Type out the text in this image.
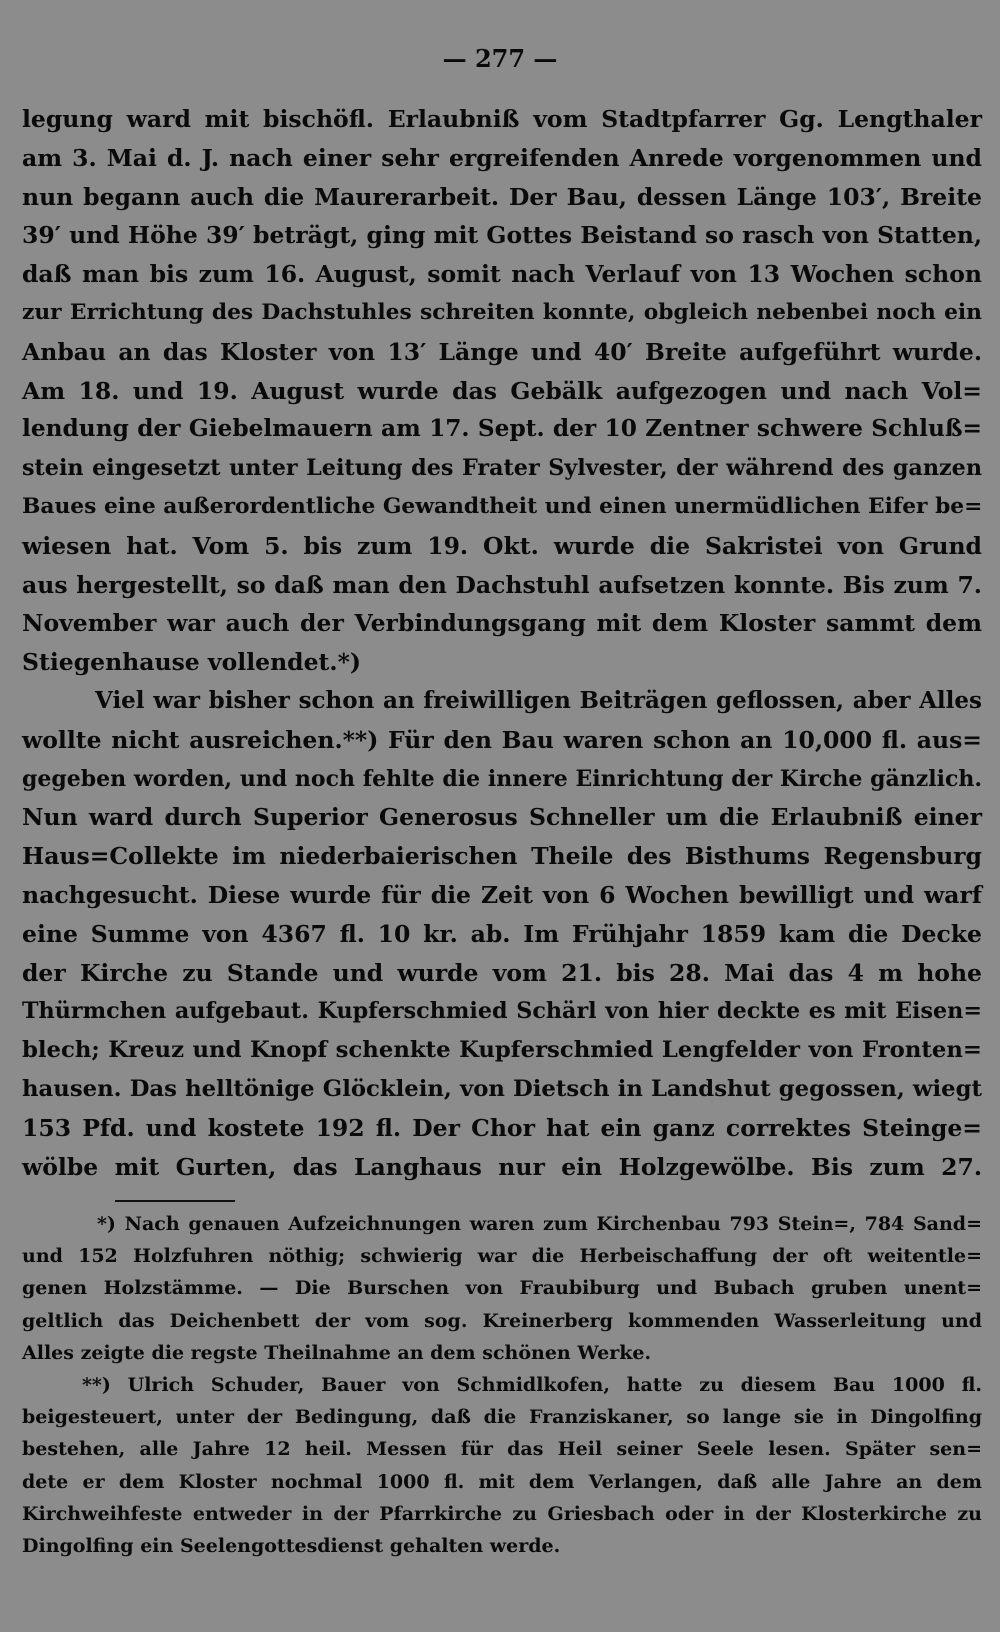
— 277 —
legung ward mit bischöfl. Erlaubniß vom Stadtpfarrer Gg. Lengthaler
am 3. Mai d. J. nach einer sehr ergreifenden Anrede vorgenommen und
nun begann auch die Maurerarbeit. Der Bau, dessen Länge 103′, Breite
39′ und Höhe 39′ beträgt, ging mit Gottes Beistand so rasch von Statten,
daß man bis zum 16. August, somit nach Verlauf von 13 Wochen schon
zur Errichtung des Dachstuhles schreiten konnte, obgleich nebenbei noch ein
Anbau an das Kloster von 13′ Länge und 40′ Breite aufgeführt wurde.
Am 18. und 19. August wurde das Gebälk aufgezogen und nach Vol=
lendung der Giebelmauern am 17. Sept. der 10 Zentner schwere Schluß=
stein eingesetzt unter Leitung des Frater Sylvester, der während des ganzen
Baues eine außerordentliche Gewandtheit und einen unermüdlichen Eifer be=
wiesen hat. Vom 5. bis zum 19. Okt. wurde die Sakristei von Grund
aus hergestellt, so daß man den Dachstuhl aufsetzen konnte. Bis zum 7.
November war auch der Verbindungsgang mit dem Kloster sammt dem
Stiegenhause vollendet.*)
Viel war bisher schon an freiwilligen Beiträgen geflossen, aber Alles
wollte nicht ausreichen.**) Für den Bau waren schon an 10,000 fl. aus=
gegeben worden, und noch fehlte die innere Einrichtung der Kirche gänzlich.
Nun ward durch Superior Generosus Schneller um die Erlaubniß einer
Haus=Collekte im niederbaierischen Theile des Bisthums Regensburg
nachgesucht. Diese wurde für die Zeit von 6 Wochen bewilligt und warf
eine Summe von 4367 fl. 10 kr. ab. Im Frühjahr 1859 kam die Decke
der Kirche zu Stande und wurde vom 21. bis 28. Mai das 4 m hohe
Thürmchen aufgebaut. Kupferschmied Schärl von hier deckte es mit Eisen=
blech; Kreuz und Knopf schenkte Kupferschmied Lengfelder von Fronten=
hausen. Das helltönige Glöcklein, von Dietsch in Landshut gegossen, wiegt
153 Pfd. und kostete 192 fl. Der Chor hat ein ganz correktes Steinge=
wölbe mit Gurten, das Langhaus nur ein Holzgewölbe. Bis zum 27.
*) Nach genauen Aufzeichnungen waren zum Kirchenbau 793 Stein=, 784 Sand=
und 152 Holzfuhren nöthig; schwierig war die Herbeischaffung der oft weitentle=
genen Holzstämme. — Die Burschen von Fraubiburg und Bubach gruben unent=
geltlich das Deichenbett der vom sog. Kreinerberg kommenden Wasserleitung und
Alles zeigte die regste Theilnahme an dem schönen Werke.
**) Ulrich Schuder, Bauer von Schmidlkofen, hatte zu diesem Bau 1000 fl.
beigesteuert, unter der Bedingung, daß die Franziskaner, so lange sie in Dingolfing
bestehen, alle Jahre 12 heil. Messen für das Heil seiner Seele lesen. Später sen=
dete er dem Kloster nochmal 1000 fl. mit dem Verlangen, daß alle Jahre an dem
Kirchweihfeste entweder in der Pfarrkirche zu Griesbach oder in der Klosterkirche zu
Dingolfing ein Seelengottesdienst gehalten werde.
